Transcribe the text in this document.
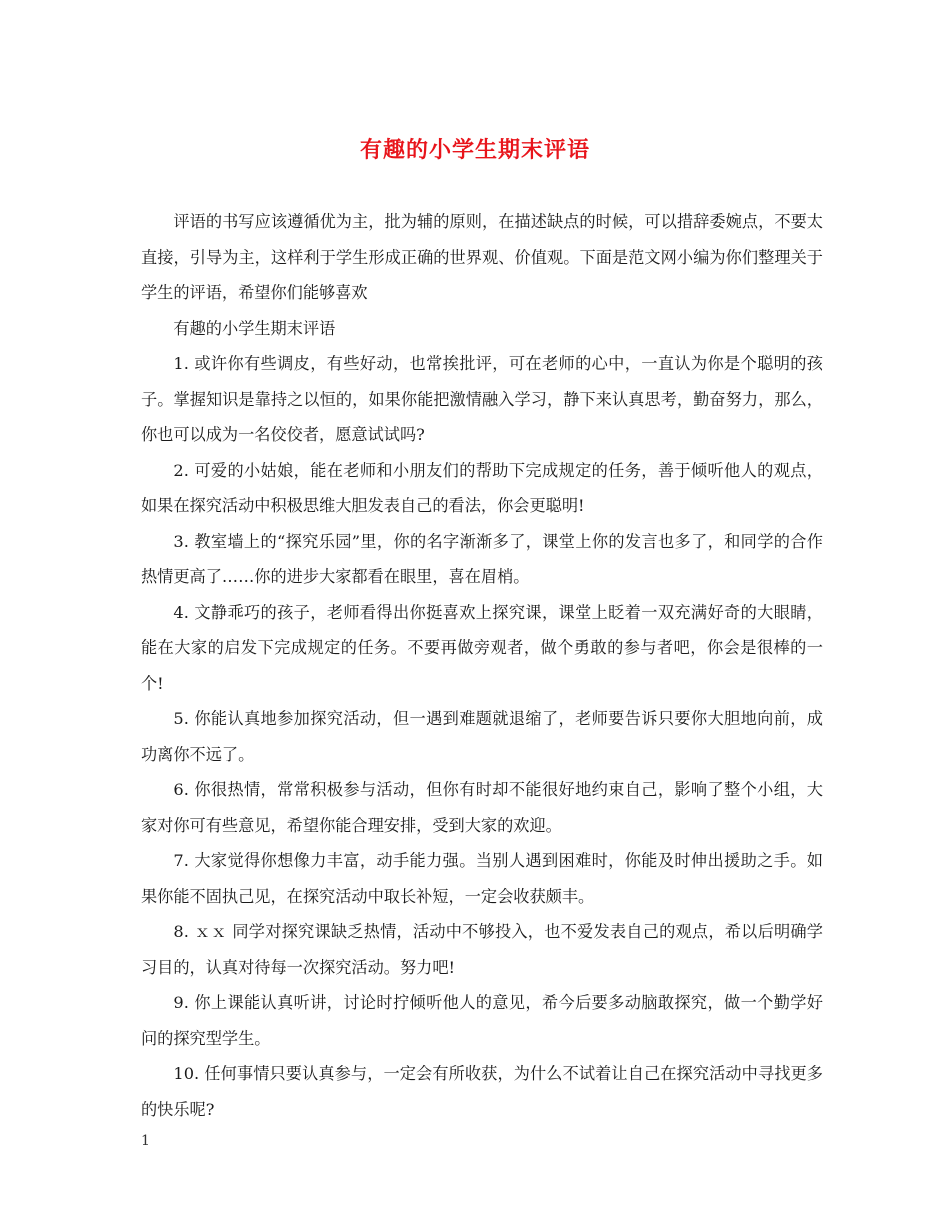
有趣的小学生期末评语

评语的书写应该遵循优为主，批为辅的原则，在描述缺点的时候，可以措辞委婉点，不要太直接，引导为主，这样利于学生形成正确的世界观、价值观。下面是范文网小编为你们整理关于学生的评语，希望你们能够喜欢

有趣的小学生期末评语

1. 或许你有些调皮，有些好动，也常挨批评，可在老师的心中，一直认为你是个聪明的孩子。掌握知识是靠持之以恒的，如果你能把激情融入学习，静下来认真思考，勤奋努力，那么，你也可以成为一名佼佼者，愿意试试吗?

2. 可爱的小姑娘，能在老师和小朋友们的帮助下完成规定的任务，善于倾听他人的观点，如果在探究活动中积极思维大胆发表自己的看法，你会更聪明!

3. 教室墙上的“探究乐园”里，你的名字渐渐多了，课堂上你的发言也多了，和同学的合作热情更高了……你的进步大家都看在眼里，喜在眉梢。

4. 文静乖巧的孩子，老师看得出你挺喜欢上探究课，课堂上眨着一双充满好奇的大眼睛，能在大家的启发下完成规定的任务。不要再做旁观者，做个勇敢的参与者吧，你会是很棒的一个!

5. 你能认真地参加探究活动，但一遇到难题就退缩了，老师要告诉只要你大胆地向前，成功离你不远了。

6. 你很热情，常常积极参与活动，但你有时却不能很好地约束自己，影响了整个小组，大家对你可有些意见，希望你能合理安排，受到大家的欢迎。

7. 大家觉得你想像力丰富，动手能力强。当别人遇到困难时，你能及时伸出援助之手。如果你能不固执己见，在探究活动中取长补短，一定会收获颇丰。

8. ｘｘ 同学对探究课缺乏热情，活动中不够投入，也不爱发表自己的观点，希以后明确学习目的，认真对待每一次探究活动。努力吧!

9. 你上课能认真听讲，讨论时拧倾听他人的意见，希今后要多动脑敢探究，做一个勤学好问的探究型学生。

10. 任何事情只要认真参与，一定会有所收获，为什么不试着让自己在探究活动中寻找更多的快乐呢?

1
